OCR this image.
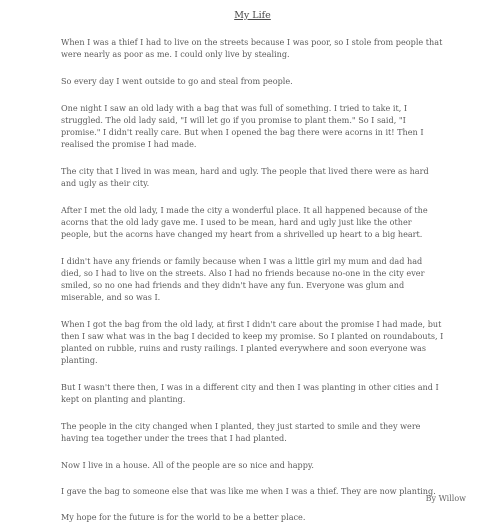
My Life

When I was a thief I had to live on the streets because I was poor, so I stole from people that were nearly as poor as me. I could only live by stealing.

So every day I went outside to go and steal from people.

One night I saw an old lady with a bag that was full of something. I tried to take it, I struggled. The old lady said, "I will let go if you promise to plant them." So I said, "I promise." I didn't really care. But when I opened the bag there were acorns in it! Then I realised the promise I had made.

The city that I lived in was mean, hard and ugly. The people that lived there were as hard and ugly as their city.

After I met the old lady, I made the city a wonderful place. It all happened because of the acorns that the old lady gave me. I used to be mean, hard and ugly just like the other people, but the acorns have changed my heart from a shrivelled up heart to a big heart.

I didn't have any friends or family because when I was a little girl my mum and dad had died, so I had to live on the streets. Also I had no friends because no-one in the city ever smiled, so no one had friends and they didn't have any fun. Everyone was glum and miserable, and so was I.

When I got the bag from the old lady, at first I didn't care about the promise I had made, but then I saw what was in the bag I decided to keep my promise. So I planted on roundabouts, I planted on rubble, ruins and rusty railings. I planted everywhere and soon everyone was planting.

But I wasn't there then, I was in a different city and then I was planting in other cities and I kept on planting and planting.

The people in the city changed when I planted, they just started to smile and they were having tea together under the trees that I had planted.

Now I live in a house. All of the people are so nice and happy.

I gave the bag to someone else that was like me when I was a thief. They are now planting.

My hope for the future is for the world to be a better place.

By Willow
